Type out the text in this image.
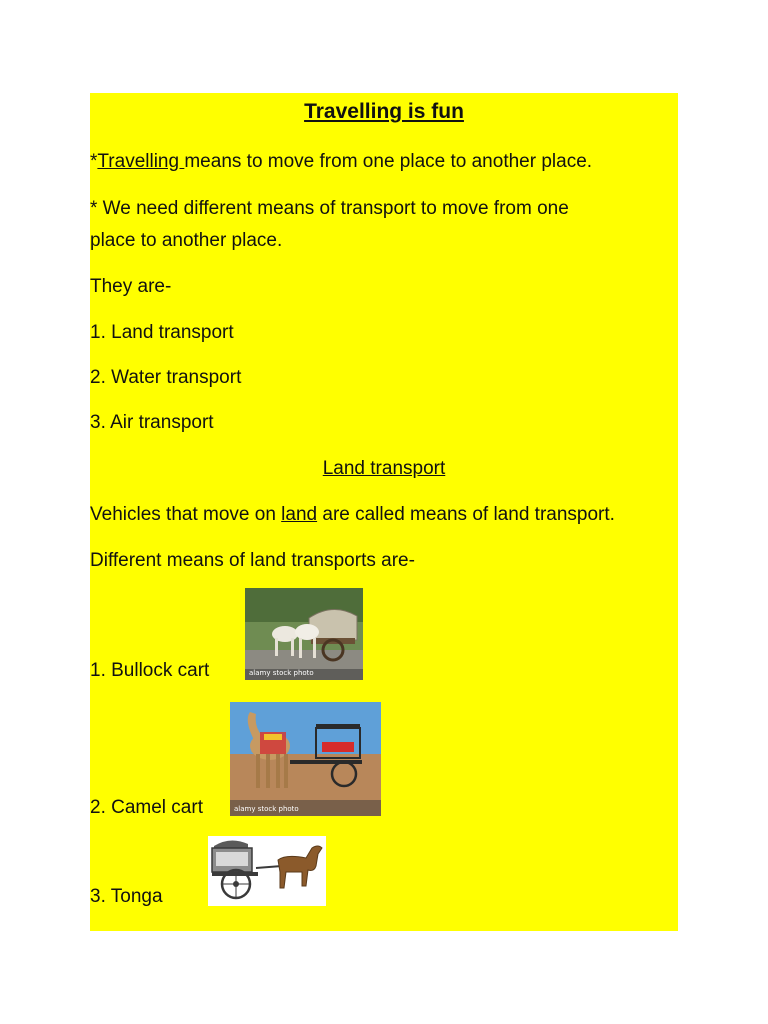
Travelling is fun
*Travelling means to move from one place to another place.
* We need different means of transport to move from one
place to another place.
They are-
1. Land transport
2. Water transport
3. Air transport
Land transport
Vehicles that move on land are called means of land transport.
Different means of land transports are-
alamy stock photo
1. Bullock cart
alamy stock photo
2. Camel cart

3. Tonga
